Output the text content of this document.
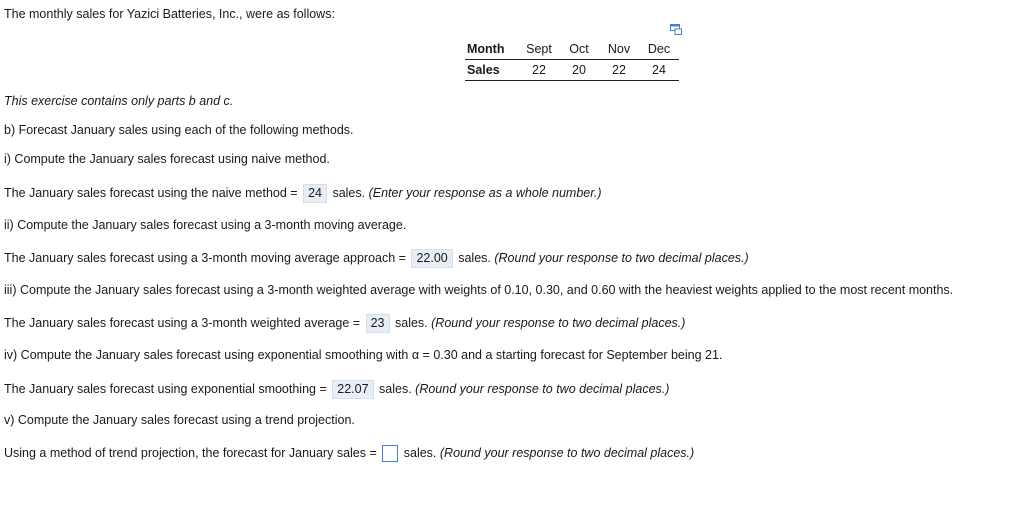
The monthly sales for Yazici Batteries, Inc., were as follows:
Month	Sept	Oct	Nov	Dec
Sales	22	20	22	24
This exercise contains only parts b and c.
b) Forecast January sales using each of the following methods.
i) Compute the January sales forecast using naive method.
The January sales forecast using the naive method = 24 sales. (Enter your response as a whole number.)
ii) Compute the January sales forecast using a 3-month moving average.
The January sales forecast using a 3-month moving average approach = 22.00 sales. (Round your response to two decimal places.)
iii) Compute the January sales forecast using a 3-month weighted average with weights of 0.10, 0.30, and 0.60 with the heaviest weights applied to the most recent months.
The January sales forecast using a 3-month weighted average = 23 sales. (Round your response to two decimal places.)
iv) Compute the January sales forecast using exponential smoothing with α = 0.30 and a starting forecast for September being 21.
The January sales forecast using exponential smoothing = 22.07 sales. (Round your response to two decimal places.)
v) Compute the January sales forecast using a trend projection.
Using a method of trend projection, the forecast for January sales = sales. (Round your response to two decimal places.)
